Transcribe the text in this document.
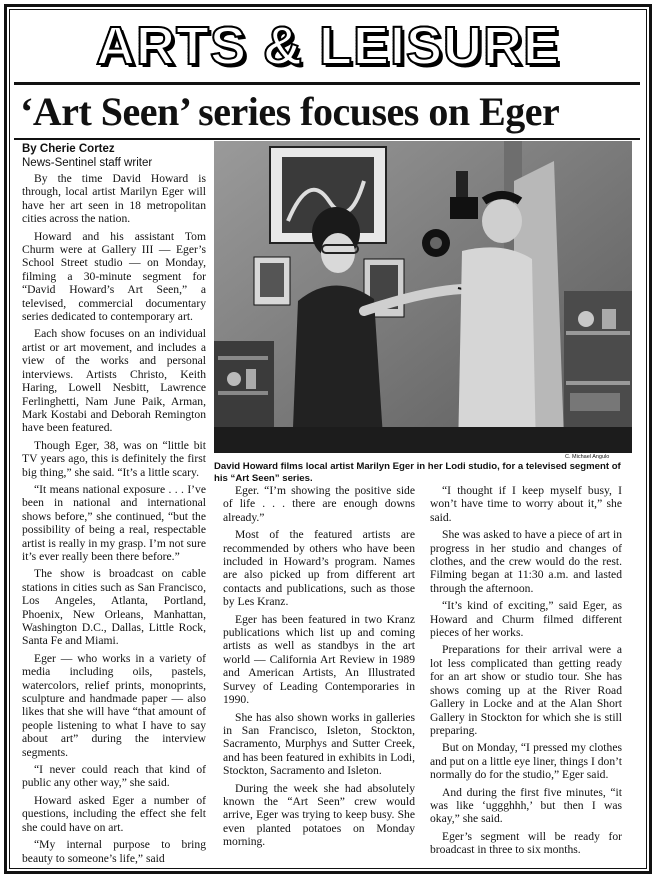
ARTS & LEISURE
‘Art Seen’ series focuses on Eger
By Cherie Cortez
News-Sentinel staff writer

By the time David Howard is through, local artist Marilyn Eger will have her art seen in 18 metropolitan cities across the nation.

Howard and his assistant Tom Churm were at Gallery III — Eger’s School Street studio — on Monday, filming a 30-minute segment for “David Howard’s Art Seen,” a televised, commercial documentary series dedicated to contemporary art.

Each show focuses on an individual artist or art movement, and includes a view of the works and personal interviews. Artists Christo, Keith Haring, Lowell Nesbitt, Lawrence Ferlinghetti, Nam June Paik, Arman, Mark Kostabi and Deborah Remington have been featured.

Though Eger, 38, was on “little bit TV years ago, this is definitely the first big thing,” she said. “It’s a little scary.

“It means national exposure . . . I’ve been in national and international shows before,” she continued, “but the possibility of being a real, respectable artist is really in my grasp. I’m not sure it’s ever really been there before.”

The show is broadcast on cable stations in cities such as San Francisco, Los Angeles, Atlanta, Portland, Phoenix, New Orleans, Manhattan, Washington D.C., Dallas, Little Rock, Santa Fe and Miami.

Eger — who works in a variety of media including oils, pastels, watercolors, relief prints, monoprints, sculpture and handmade paper — also likes that she will have “that amount of people listening to what I have to say about art” during the interview segments.

“I never could reach that kind of public any other way,” she said.

Howard asked Eger a number of questions, including the effect she felt she could have on art.

“My internal purpose to bring beauty to someone’s life,” said

C. Michael Angulo
David Howard films local artist Marilyn Eger in her Lodi studio, for a televised segment of his “Art Seen” series.

Eger. “I’m showing the positive side of life . . . there are enough downs already.”

Most of the featured artists are recommended by others who have been included in Howard’s program. Names are also picked up from different art contacts and publications, such as those by Les Kranz.

Eger has been featured in two Kranz publications which list up and coming artists as well as standbys in the art world — California Art Review in 1989 and American Artists, An Illustrated Survey of Leading Contemporaries in 1990.

She has also shown works in galleries in San Francisco, Isleton, Stockton, Sacramento, Murphys and Sutter Creek, and has been featured in exhibits in Lodi, Stockton, Sacramento and Isleton.

During the week she had absolutely known the “Art Seen” crew would arrive, Eger was trying to keep busy. She even planted potatoes on Monday morning.

“I thought if I keep myself busy, I won’t have time to worry about it,” she said.

She was asked to have a piece of art in progress in her studio and changes of clothes, and the crew would do the rest. Filming began at 11:30 a.m. and lasted through the afternoon.

“It’s kind of exciting,” said Eger, as Howard and Churm filmed different pieces of her works.

Preparations for their arrival were a lot less complicated than getting ready for an art show or studio tour. She has shows coming up at the River Road Gallery in Locke and at the Alan Short Gallery in Stockton for which she is still preparing.

But on Monday, “I pressed my clothes and put on a little eye liner, things I don’t normally do for the studio,” Eger said.

And during the first five minutes, “it was like ‘uggghhh,’ but then I was okay,” she said.

Eger’s segment will be ready for broadcast in three to six months.
